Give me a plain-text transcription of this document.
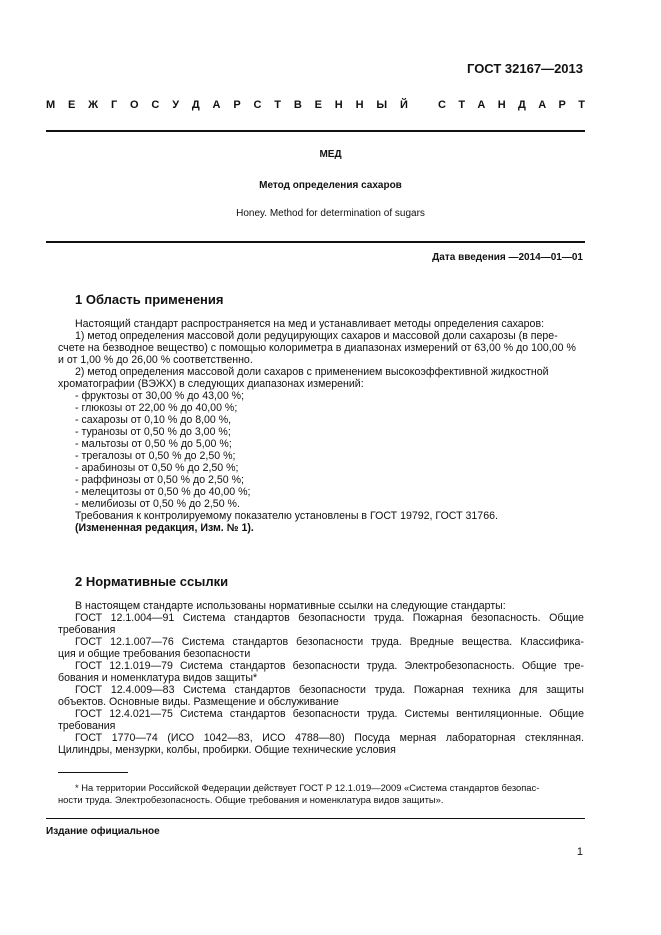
ГОСТ 32167—2013
М Е Ж Г О С У Д А Р С Т В Е Н Н Ы Й	С Т А Н Д А Р Т
МЕД
Метод определения сахаров
Honey. Method for determination of sugars
Дата введения —2014—01—01
1 Область применения
Настоящий стандарт распространяется на мед и устанавливает методы определения сахаров:
1) метод определения массовой доли редуцирующих сахаров и массовой доли сахарозы (в пере-
счете на безводное вещество) с помощью колориметра в диапазонах измерений от 63,00 % до 100,00 %
и от 1,00 % до 26,00 % соответственно.
2) метод определения массовой доли сахаров с применением высокоэффективной жидкостной
хроматографии (ВЭЖХ) в следующих диапазонах измерений:
- фруктозы от 30,00 % до 43,00 %;
- глюкозы от 22,00 % до 40,00 %;
- сахарозы от 0,10 % до 8,00 %,
- туранозы от 0,50 % до 3,00 %;
- мальтозы от 0,50 % до 5,00 %;
- трегалозы от 0,50 % до 2,50 %;
- арабинозы от 0,50 % до 2,50 %;
- раффинозы от 0,50 % до 2,50 %;
- мелецитозы от 0,50 % до 40,00 %;
- мелибиозы от 0,50 % до 2,50 %.
Требования к контролируемому показателю установлены в ГОСТ 19792, ГОСТ 31766.
(Измененная редакция, Изм. № 1).
2 Нормативные ссылки
В настоящем стандарте использованы нормативные ссылки на следующие стандарты:
ГОСТ 12.1.004—91 Система стандартов безопасности труда. Пожарная безопасность. Общие
требования
ГОСТ 12.1.007—76 Система стандартов безопасности труда. Вредные вещества. Классифика-
ция и общие требования безопасности
ГОСТ 12.1.019—79 Система стандартов безопасности труда. Электробезопасность. Общие тре-
бования и номенклатура видов защиты*
ГОСТ 12.4.009—83 Система стандартов безопасности труда. Пожарная техника для защиты
объектов. Основные виды. Размещение и обслуживание
ГОСТ 12.4.021—75 Система стандартов безопасности труда. Системы вентиляционные. Общие
требования
ГОСТ 1770—74 (ИСО 1042—83, ИСО 4788—80) Посуда мерная лабораторная стеклянная.
Цилиндры, мензурки, колбы, пробирки. Общие технические условия
* На территории Российской Федерации действует ГОСТ Р 12.1.019—2009 «Система стандартов безопас-
ности труда. Электробезопасность. Общие требования и номенклатура видов защиты».
Издание официальное
1
